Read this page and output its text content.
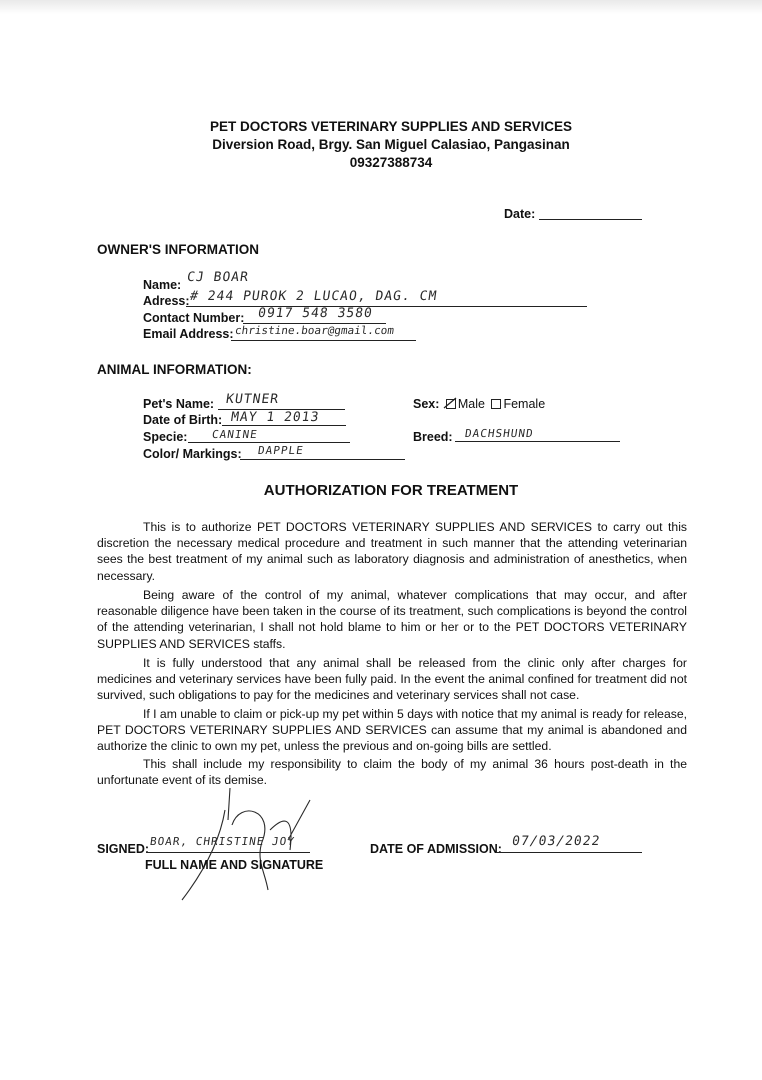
PET DOCTORS VETERINARY SUPPLIES AND SERVICES
Diversion Road, Brgy. San Miguel Calasiao, Pangasinan
09327388734
Date:
OWNER'S INFORMATION
Name: CJ BOAR
Adress: # 244 PUROK 2 LUCAO, DAG. CM
Contact Number: 0917 548 3580
Email Address: christine.boar@gmail.com
ANIMAL INFORMATION:
Pet's Name: KUTNER
Date of Birth: MAY 1 2013
Specie: CANINE
Color/ Markings: DAPPLE
Sex: Male Female
Breed: DACHSHUND
AUTHORIZATION FOR TREATMENT
This is to authorize PET DOCTORS VETERINARY SUPPLIES AND SERVICES to carry out this discretion the necessary medical procedure and treatment in such manner that the attending veterinarian sees the best treatment of my animal such as laboratory diagnosis and administration of anesthetics, when necessary.
Being aware of the control of my animal, whatever complications that may occur, and after reasonable diligence have been taken in the course of its treatment, such complications is beyond the control of the attending veterinarian, I shall not hold blame to him or her or to the PET DOCTORS VETERINARY SUPPLIES AND SERVICES staffs.
It is fully understood that any animal shall be released from the clinic only after charges for medicines and veterinary services have been fully paid. In the event the animal confined for treatment did not survived, such obligations to pay for the medicines and veterinary services shall not case.
If I am unable to claim or pick-up my pet within 5 days with notice that my animal is ready for release, PET DOCTORS VETERINARY SUPPLIES AND SERVICES can assume that my animal is abandoned and authorize the clinic to own my pet, unless the previous and on-going bills are settled.
This shall include my responsibility to claim the body of my animal 36 hours post-death in the unfortunate event of its demise.
SIGNED:
BOAR, CHRISTINE JOY
FULL NAME AND SIGNATURE
DATE OF ADMISSION: 07/03/2022
